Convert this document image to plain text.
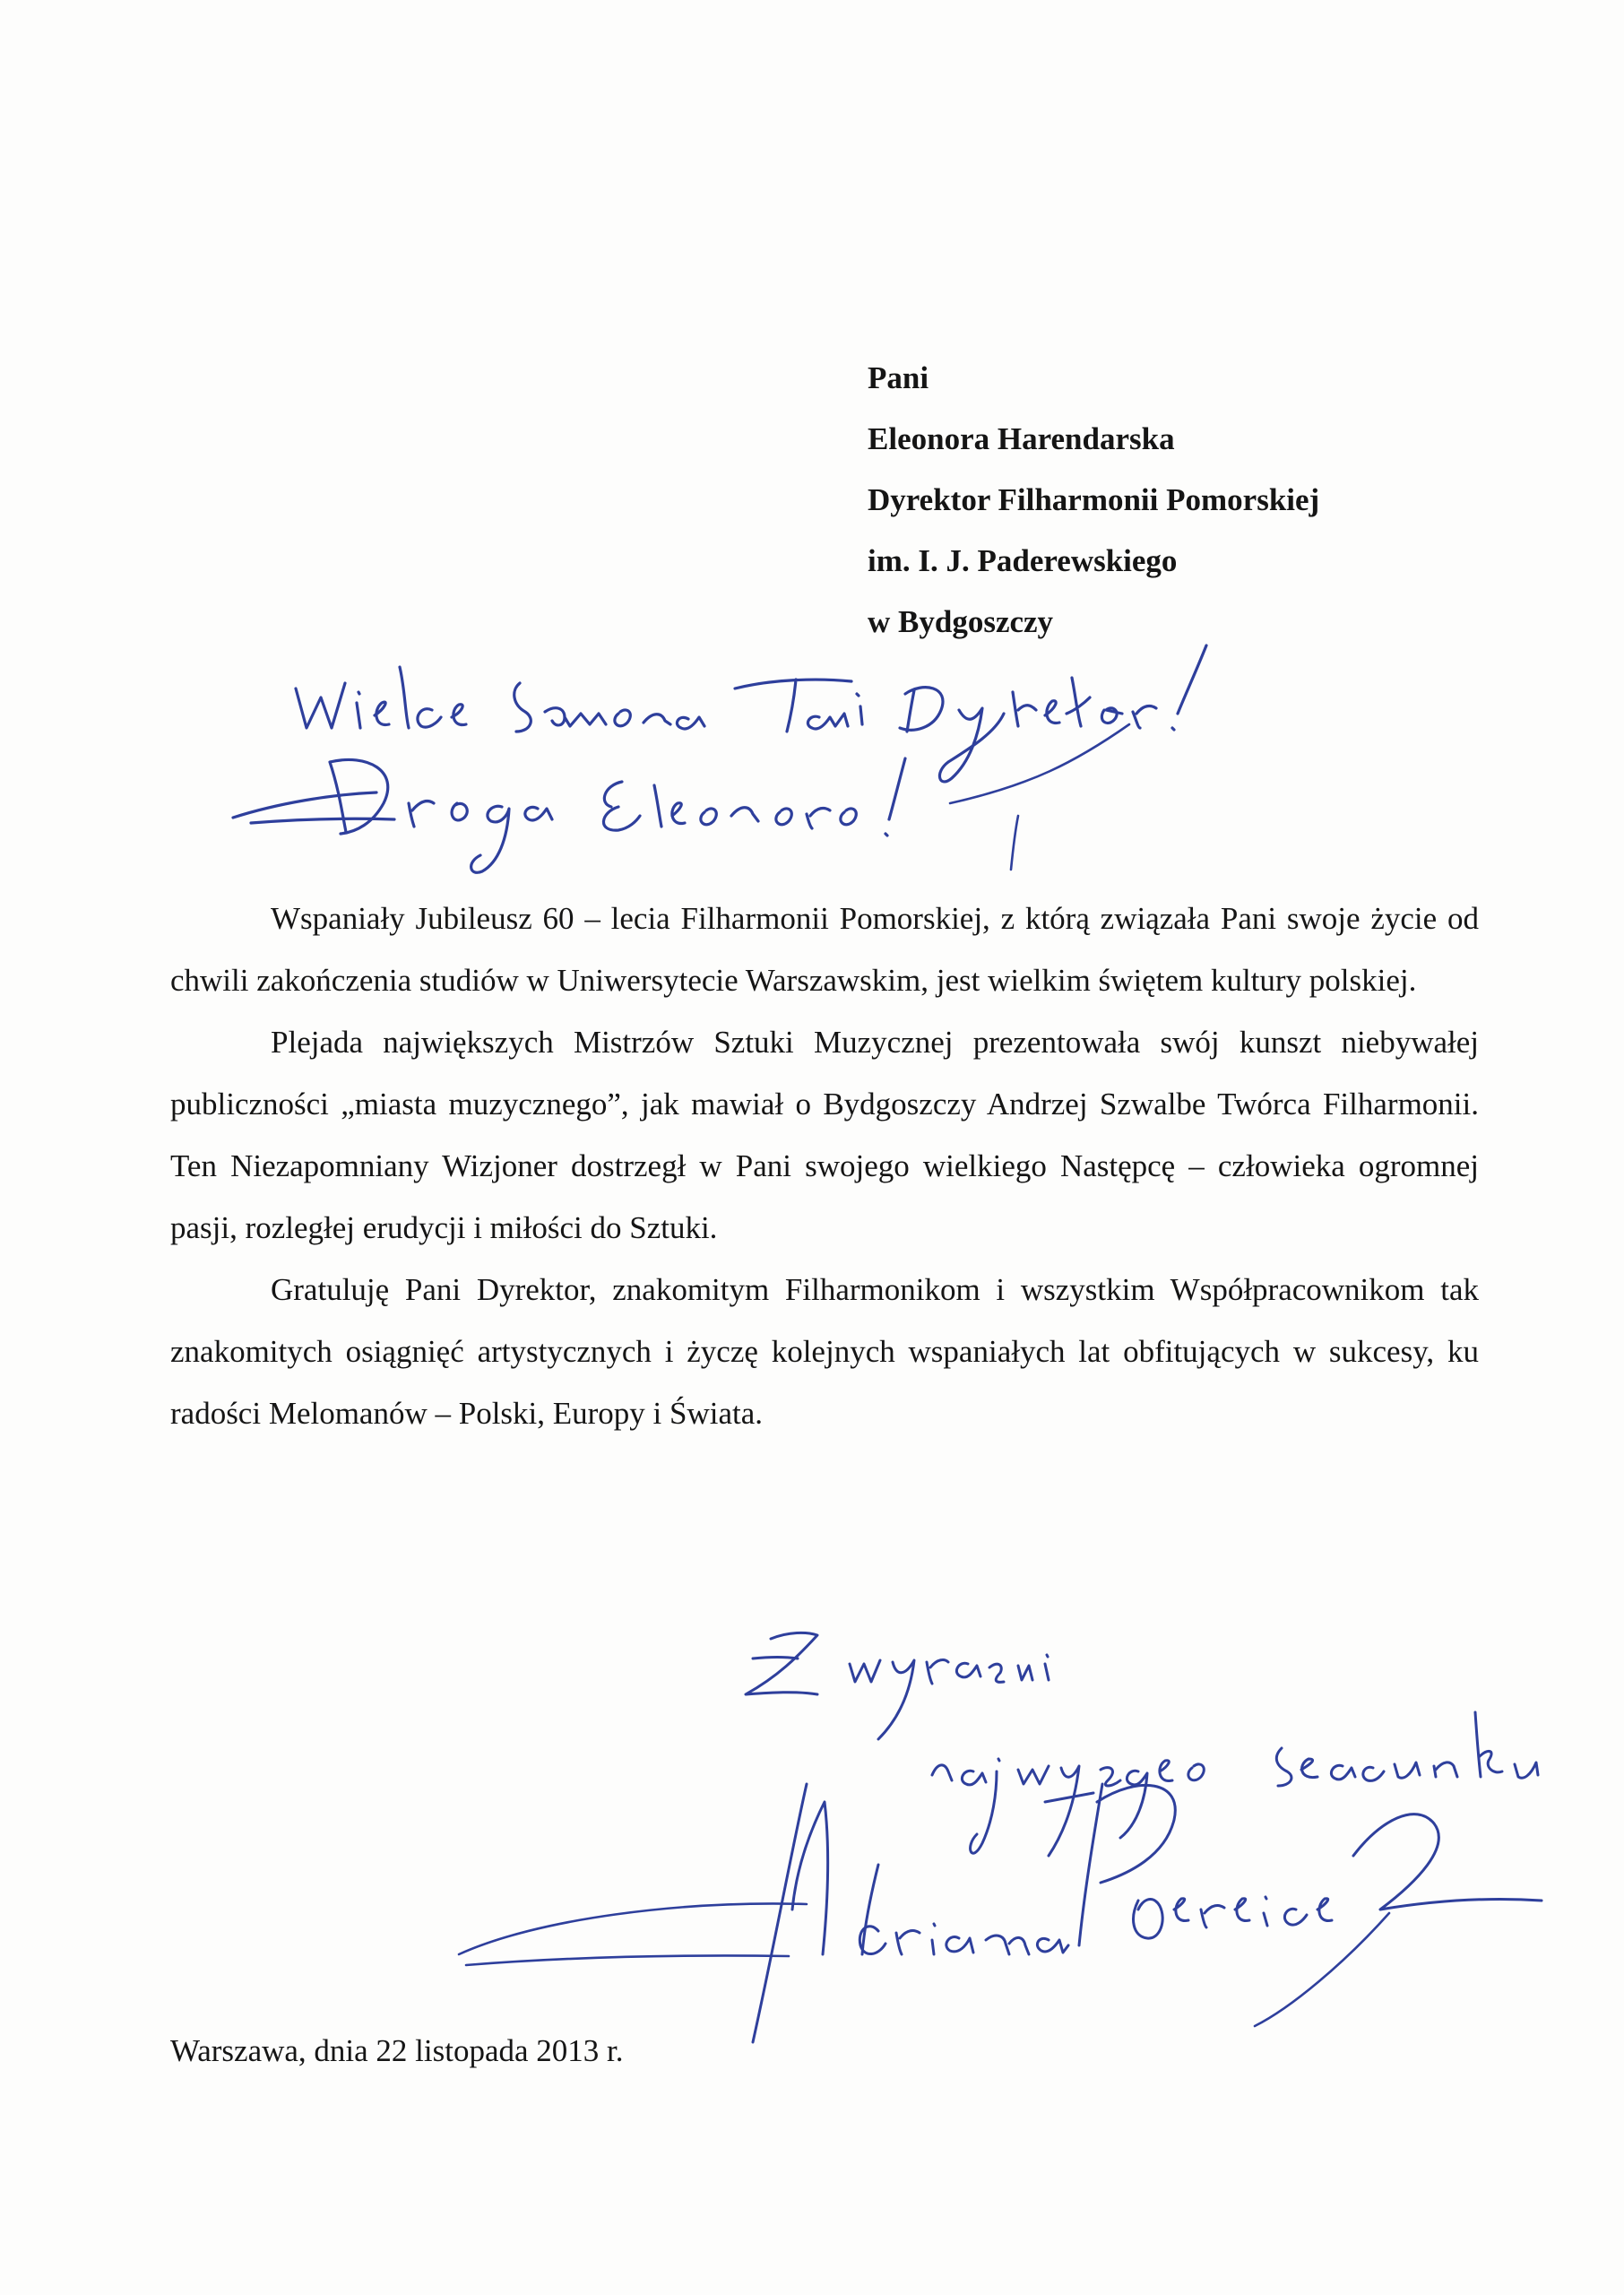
Pani
Eleonora Harendarska
Dyrektor Filharmonii Pomorskiej
im. I. J. Paderewskiego
w Bydgoszczy

Wspaniały Jubileusz 60 – lecia Filharmonii Pomorskiej, z którą związała Pani swoje życie od chwili zakończenia studiów w Uniwersytecie Warszawskim, jest wielkim świętem kultury polskiej.

Plejada największych Mistrzów Sztuki Muzycznej prezentowała swój kunszt niebywałej publiczności „miasta muzycznego”, jak mawiał o Bydgoszczy Andrzej Szwalbe Twórca Filharmonii. Ten Niezapomniany Wizjoner dostrzegł w Pani swojego wielkiego Następcę – człowieka ogromnej pasji, rozległej erudycji i miłości do Sztuki.

Gratuluję Pani Dyrektor, znakomitym Filharmonikom i wszystkim Współpracownikom tak znakomitych osiągnięć artystycznych i życzę kolejnych wspaniałych lat obfitujących w sukcesy, ku radości Melomanów – Polski, Europy i Świata.

Warszawa, dnia 22 listopada 2013 r.
